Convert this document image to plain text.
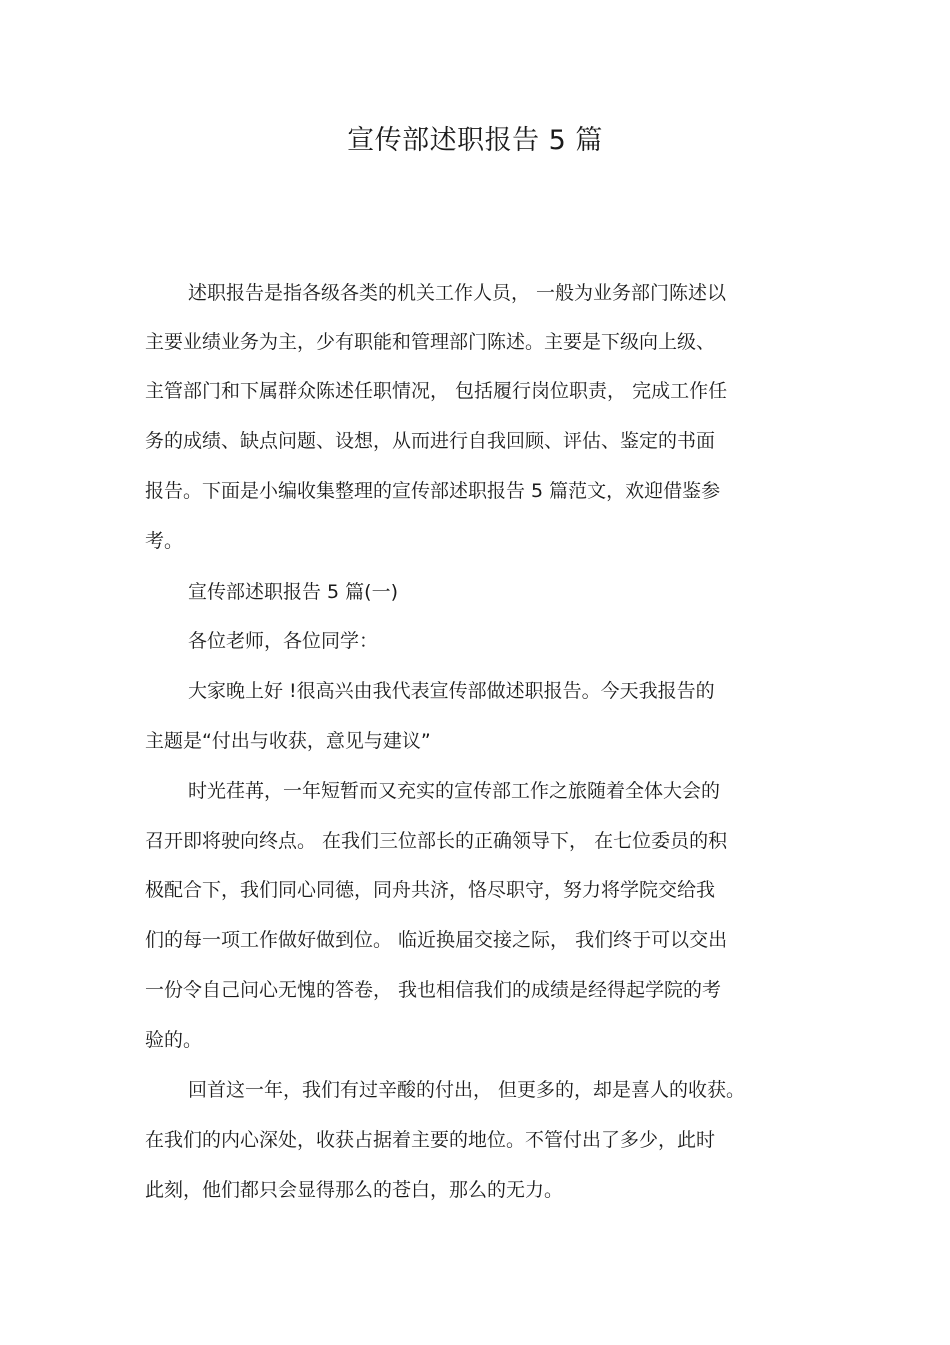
宣传部述职报告 5 篇

述职报告是指各级各类的机关工作人员， 一般为业务部门陈述以

主要业绩业务为主，少有职能和管理部门陈述。主要是下级向上级、

主管部门和下属群众陈述任职情况， 包括履行岗位职责， 完成工作任

务的成绩、缺点问题、设想，从而进行自我回顾、评估、鉴定的书面

报告。下面是小编收集整理的宣传部述职报告 5 篇范文，欢迎借鉴参

考。

宣传部述职报告 5 篇(一)

各位老师，各位同学：

大家晚上好 !很高兴由我代表宣传部做述职报告。今天我报告的

主题是“付出与收获，意见与建议”

时光荏苒，一年短暂而又充实的宣传部工作之旅随着全体大会的

召开即将驶向终点。 在我们三位部长的正确领导下， 在七位委员的积

极配合下，我们同心同德，同舟共济，恪尽职守，努力将学院交给我

们的每一项工作做好做到位。 临近换届交接之际， 我们终于可以交出

一份令自己问心无愧的答卷， 我也相信我们的成绩是经得起学院的考

验的。

回首这一年，我们有过辛酸的付出， 但更多的，却是喜人的收获。

在我们的内心深处，收获占据着主要的地位。不管付出了多少，此时

此刻，他们都只会显得那么的苍白，那么的无力。
